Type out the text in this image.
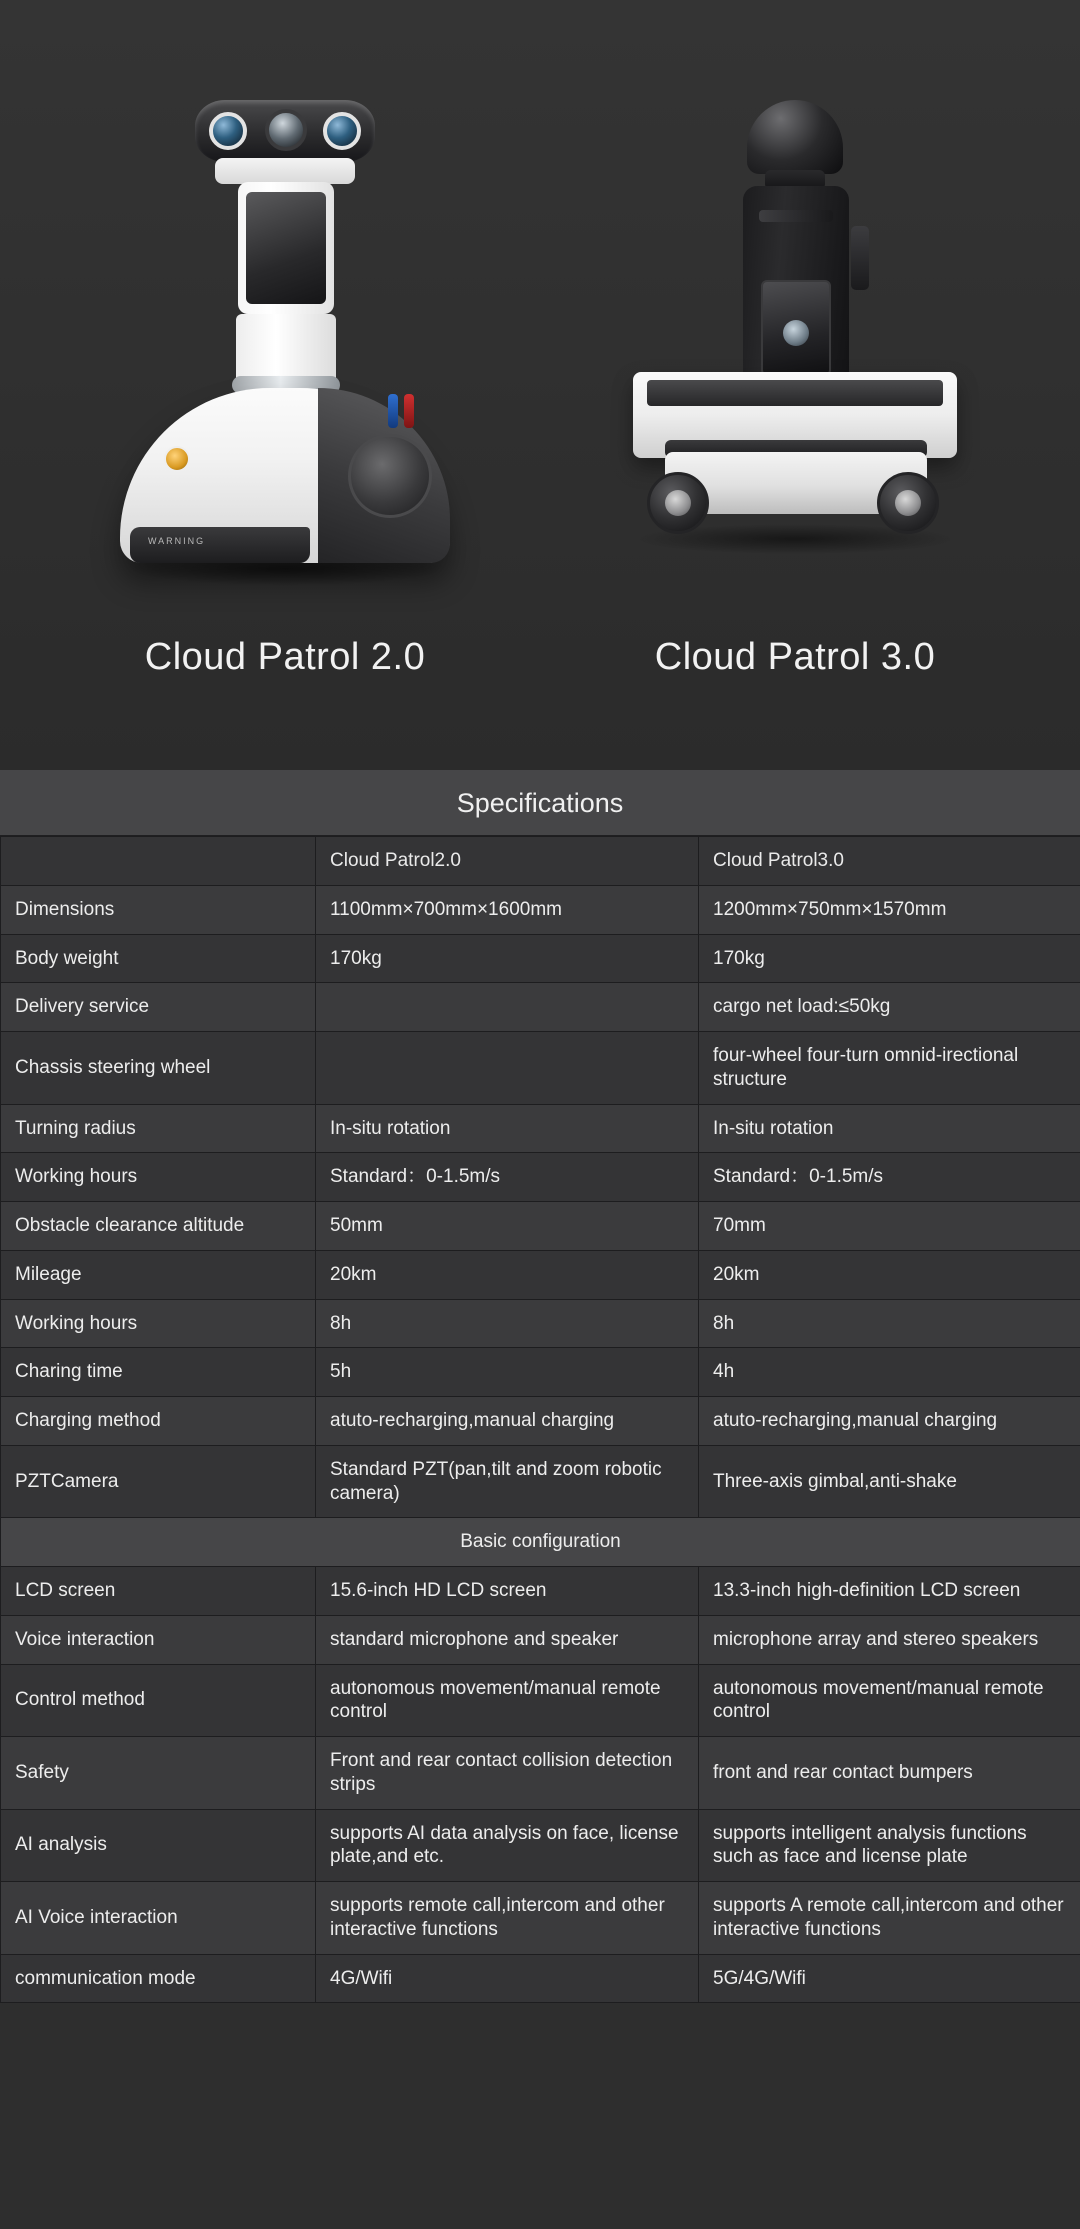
WARNING
Cloud Patrol 2.0	Cloud Patrol 3.0
Specifications
	Cloud Patrol2.0	Cloud Patrol3.0
Dimensions	1100mm×700mm×1600mm	1200mm×750mm×1570mm
Body weight	170kg	170kg
Delivery service		cargo net load:≤50kg
Chassis steering wheel		four-wheel four-turn omnid-irectional structure
Turning radius	In-situ rotation	In-situ rotation
Working hours	Standard：0-1.5m/s	Standard：0-1.5m/s
Obstacle clearance altitude	50mm	70mm
Mileage	20km	20km
Working hours	8h	8h
Charing time	5h	4h
Charging method	atuto-recharging,manual charging	atuto-recharging,manual charging
PZTCamera	Standard PZT(pan,tilt and zoom robotic camera)	Three-axis gimbal,anti-shake
Basic configuration		
LCD screen	15.6-inch HD LCD screen	13.3-inch high-definition LCD screen
Voice interaction	standard microphone and speaker	microphone array and stereo speakers
Control method	autonomous movement/manual remote control	autonomous movement/manual remote control
Safety	Front and rear contact collision detection strips	front and rear contact bumpers
AI analysis	supports AI data analysis on face, license plate,and etc.	supports intelligent analysis functions such as face and license plate
AI Voice interaction	supports remote call,intercom and other interactive functions	supports A remote call,intercom and other interactive functions
communication mode	4G/Wifi	5G/4G/Wifi
